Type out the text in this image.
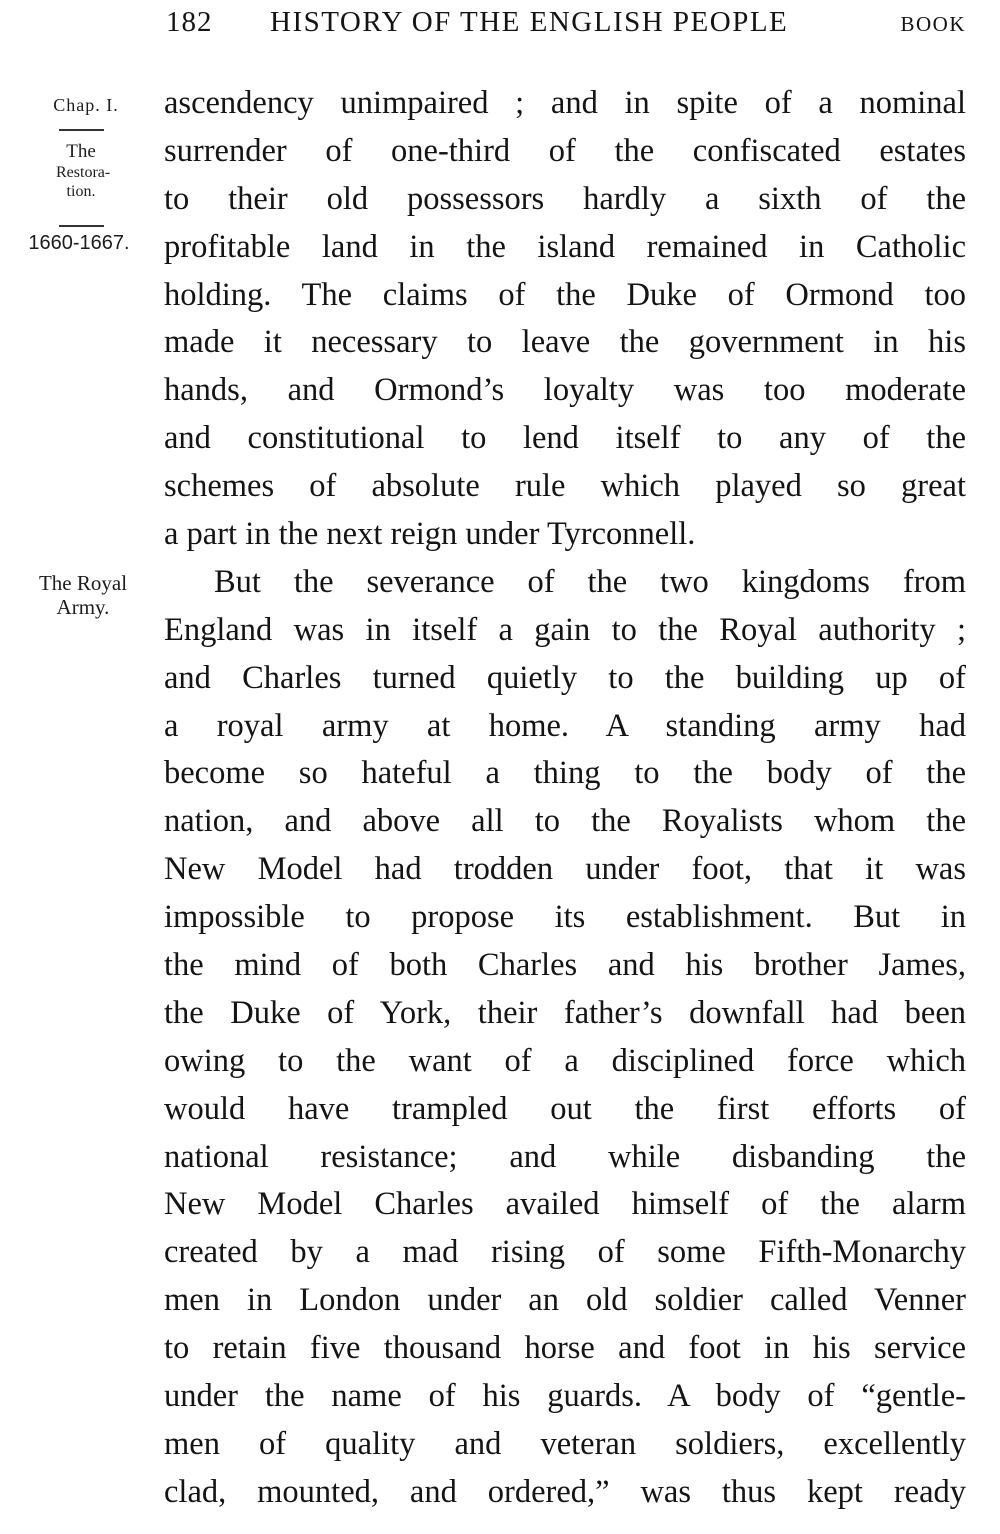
182 HISTORY OF THE ENGLISH PEOPLE	BOOK
Chap. I.
The
Restora-
tion.
1660-1667.
The Royal
Army.
ascendency unimpaired ; and in spite of a nominal
surrender of one-third of the confiscated estates
to their old possessors hardly a sixth of the
profitable land in the island remained in Catholic
holding. The claims of the Duke of Ormond too
made it necessary to leave the government in his
hands, and Ormond’s loyalty was too moderate
and constitutional to lend itself to any of the
schemes of absolute rule which played so great
a part in the next reign under Tyrconnell.
But the severance of the two kingdoms from
England was in itself a gain to the Royal authority ;
and Charles turned quietly to the building up of
a royal army at home. A standing army had
become so hateful a thing to the body of the
nation, and above all to the Royalists whom the
New Model had trodden under foot, that it was
impossible to propose its establishment. But in
the mind of both Charles and his brother James,
the Duke of York, their father’s downfall had been
owing to the want of a disciplined force which
would have trampled out the first efforts of
national resistance; and while disbanding the
New Model Charles availed himself of the alarm
created by a mad rising of some Fifth-Monarchy
men in London under an old soldier called Venner
to retain five thousand horse and foot in his service
under the name of his guards. A body of “gentle-
men of quality and veteran soldiers, excellently
clad, mounted, and ordered,” was thus kept ready
